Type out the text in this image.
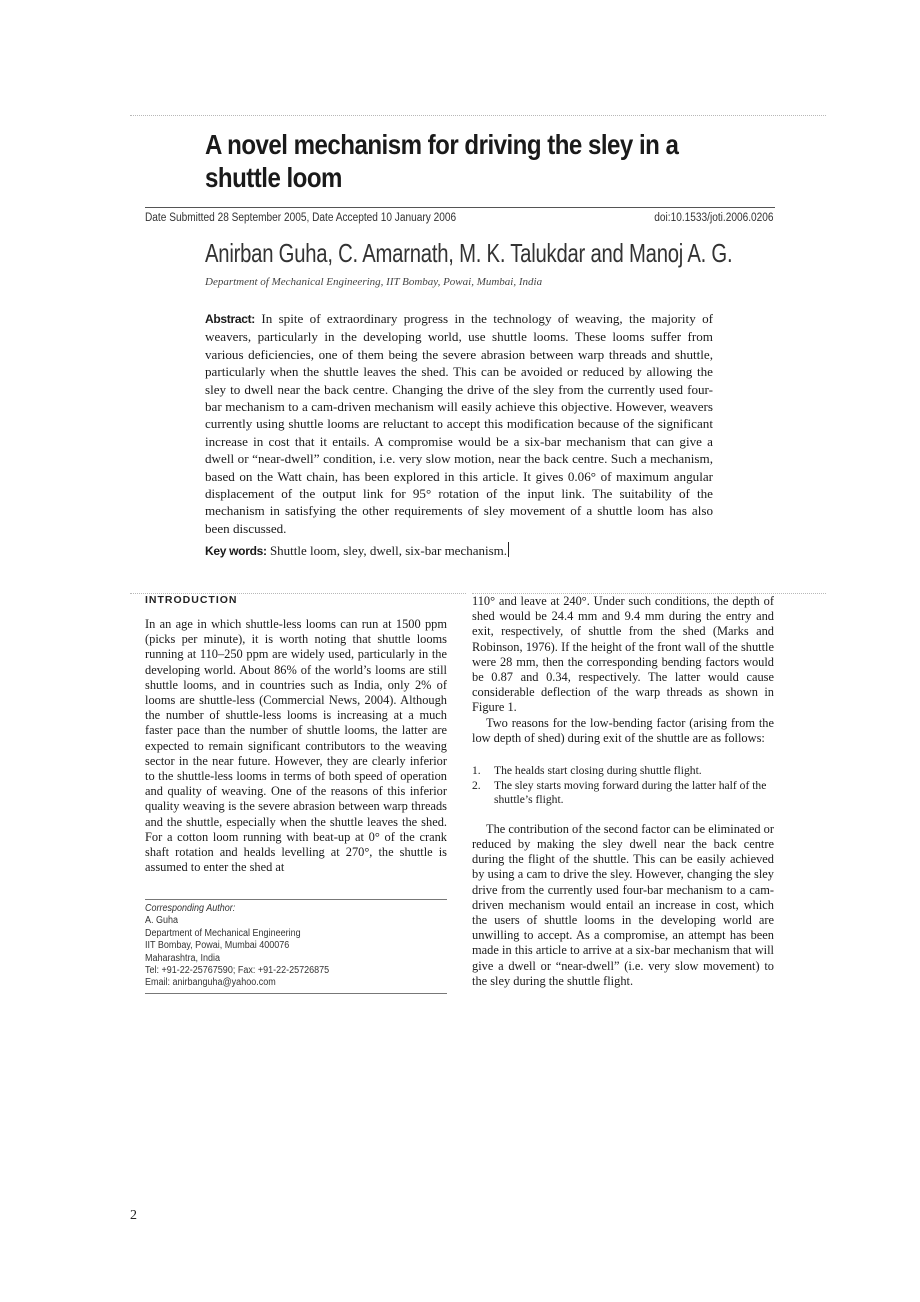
A novel mechanism for driving the sley in a shuttle loom
Date Submitted 28 September 2005, Date Accepted 10 January 2006	doi:10.1533/joti.2006.0206
Anirban Guha, C. Amarnath, M. K. Talukdar and Manoj A. G.
Department of Mechanical Engineering, IIT Bombay, Powai, Mumbai, India
Abstract: In spite of extraordinary progress in the technology of weaving, the majority of weavers, particularly in the developing world, use shuttle looms. These looms suffer from various deficiencies, one of them being the severe abrasion between warp threads and shuttle, particularly when the shuttle leaves the shed. This can be avoided or reduced by allowing the sley to dwell near the back centre. Changing the drive of the sley from the currently used four-bar mechanism to a cam-driven mechanism will easily achieve this objective. However, weavers currently using shuttle looms are reluctant to accept this modification because of the significant increase in cost that it entails. A compromise would be a six-bar mechanism that can give a dwell or “near-dwell” condition, i.e. very slow motion, near the back centre. Such a mechanism, based on the Watt chain, has been explored in this article. It gives 0.06° of maximum angular displacement of the output link for 95° rotation of the input link. The suitability of the mechanism in satisfying the other requirements of sley movement of a shuttle loom has also been discussed.
Key words: Shuttle loom, sley, dwell, six-bar mechanism.
INTRODUCTION

In an age in which shuttle-less looms can run at 1500 ppm (picks per minute), it is worth noting that shuttle looms running at 110–250 ppm are widely used, particularly in the developing world. About 86% of the world’s looms are still shuttle looms, and in countries such as India, only 2% of looms are shuttle-less (Commercial News, 2004). Although the number of shuttle-less looms is increasing at a much faster pace than the number of shuttle looms, the latter are expected to remain significant contributors to the weaving sector in the near future. However, they are clearly inferior to the shuttle-less looms in terms of both speed of operation and quality of weaving. One of the reasons of this inferior quality weaving is the severe abrasion between warp threads and the shuttle, especially when the shuttle leaves the shed. For a cotton loom running with beat-up at 0° of the crank shaft rotation and healds levelling at 270°, the shuttle is assumed to enter the shed at

110° and leave at 240°. Under such conditions, the depth of shed would be 24.4 mm and 9.4 mm during the entry and exit, respectively, of shuttle from the shed (Marks and Robinson, 1976). If the height of the front wall of the shuttle were 28 mm, then the corresponding bending factors would be 0.87 and 0.34, respectively. The latter would cause considerable deflection of the warp threads as shown in Figure 1.

Two reasons for the low-bending factor (arising from the low depth of shed) during exit of the shuttle are as follows:

1. The healds start closing during shuttle flight.
2. The sley starts moving forward during the latter half of the shuttle’s flight.

The contribution of the second factor can be eliminated or reduced by making the sley dwell near the back centre during the flight of the shuttle. This can be easily achieved by using a cam to drive the sley. However, changing the sley drive from the currently used four-bar mechanism to a cam-driven mechanism would entail an increase in cost, which the users of shuttle looms in the developing world are unwilling to accept. As a compromise, an attempt has been made in this article to arrive at a six-bar mechanism that will give a dwell or “near-dwell” (i.e. very slow movement) to the sley during the shuttle flight.

Corresponding Author:
A. Guha
Department of Mechanical Engineering
IIT Bombay, Powai, Mumbai 400076
Maharashtra, India
Tel: +91-22-25767590; Fax: +91-22-25726875
Email: anirbanguha@yahoo.com
2
